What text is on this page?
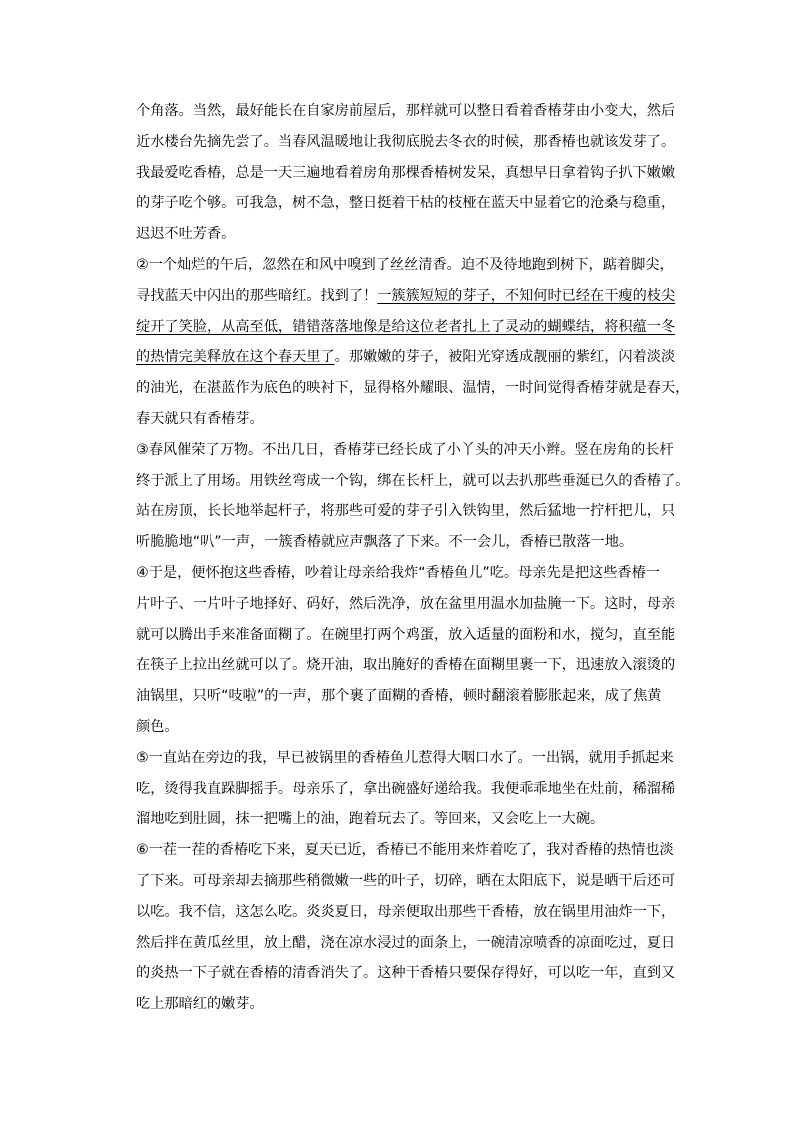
个角落。当然，最好能长在自家房前屋后，那样就可以整日看着香椿芽由小变大，然后
近水楼台先摘先尝了。当春风温暖地让我彻底脱去冬衣的时候，那香椿也就该发芽了。
我最爱吃香椿，总是一天三遍地看着房角那棵香椿树发呆，真想早日拿着钩子扒下嫩嫩
的芽子吃个够。可我急，树不急，整日挺着干枯的枝桠在蓝天中显着它的沧桑与稳重，
迟迟不吐芳香。
②一个灿烂的午后，忽然在和风中嗅到了丝丝清香。迫不及待地跑到树下，踮着脚尖，
寻找蓝天中闪出的那些暗红。找到了！一簇簇短短的芽子，不知何时已经在干瘦的枝尖
绽开了笑脸，从高至低，错错落落地像是给这位老者扎上了灵动的蝴蝶结，将积蕴一冬
的热情完美释放在这个春天里了。那嫩嫩的芽子，被阳光穿透成靓丽的紫红，闪着淡淡
的油光，在湛蓝作为底色的映衬下，显得格外耀眼、温情，一时间觉得香椿芽就是春天，
春天就只有香椿芽。
③春风催荣了万物。不出几日，香椿芽已经长成了小丫头的冲天小辫。竖在房角的长杆
终于派上了用场。用铁丝弯成一个钩，绑在长杆上，就可以去扒那些垂涎已久的香椿了。
站在房顶，长长地举起杆子，将那些可爱的芽子引入铁钩里，然后猛地一拧杆把儿，只
听脆脆地“叭”一声，一簇香椿就应声飘落了下来。不一会儿，香椿已散落一地。
④于是，便怀抱这些香椿，吵着让母亲给我炸“香椿鱼儿”吃。母亲先是把这些香椿一
片叶子、一片叶子地择好、码好，然后洗净，放在盆里用温水加盐腌一下。这时，母亲
就可以腾出手来准备面糊了。在碗里打两个鸡蛋，放入适量的面粉和水，搅匀，直至能
在筷子上拉出丝就可以了。烧开油，取出腌好的香椿在面糊里裹一下，迅速放入滚烫的
油锅里，只听“吱啦”的一声，那个裹了面糊的香椿，顿时翻滚着膨胀起来，成了焦黄
颜色。
⑤一直站在旁边的我，早已被锅里的香椿鱼儿惹得大咽口水了。一出锅，就用手抓起来
吃，烫得我直跺脚摇手。母亲乐了，拿出碗盛好递给我。我便乖乖地坐在灶前，稀溜稀
溜地吃到肚圆，抹一把嘴上的油，跑着玩去了。等回来，又会吃上一大碗。
⑥一茬一茬的香椿吃下来，夏天已近，香椿已不能用来炸着吃了，我对香椿的热情也淡
了下来。可母亲却去摘那些稍微嫩一些的叶子，切碎，晒在太阳底下，说是晒干后还可
以吃。我不信，这怎么吃。炎炎夏日，母亲便取出那些干香椿，放在锅里用油炸一下，
然后拌在黄瓜丝里，放上醋，浇在凉水浸过的面条上，一碗清凉喷香的凉面吃过，夏日
的炎热一下子就在香椿的清香消失了。这种干香椿只要保存得好，可以吃一年，直到又
吃上那暗红的嫩芽。
